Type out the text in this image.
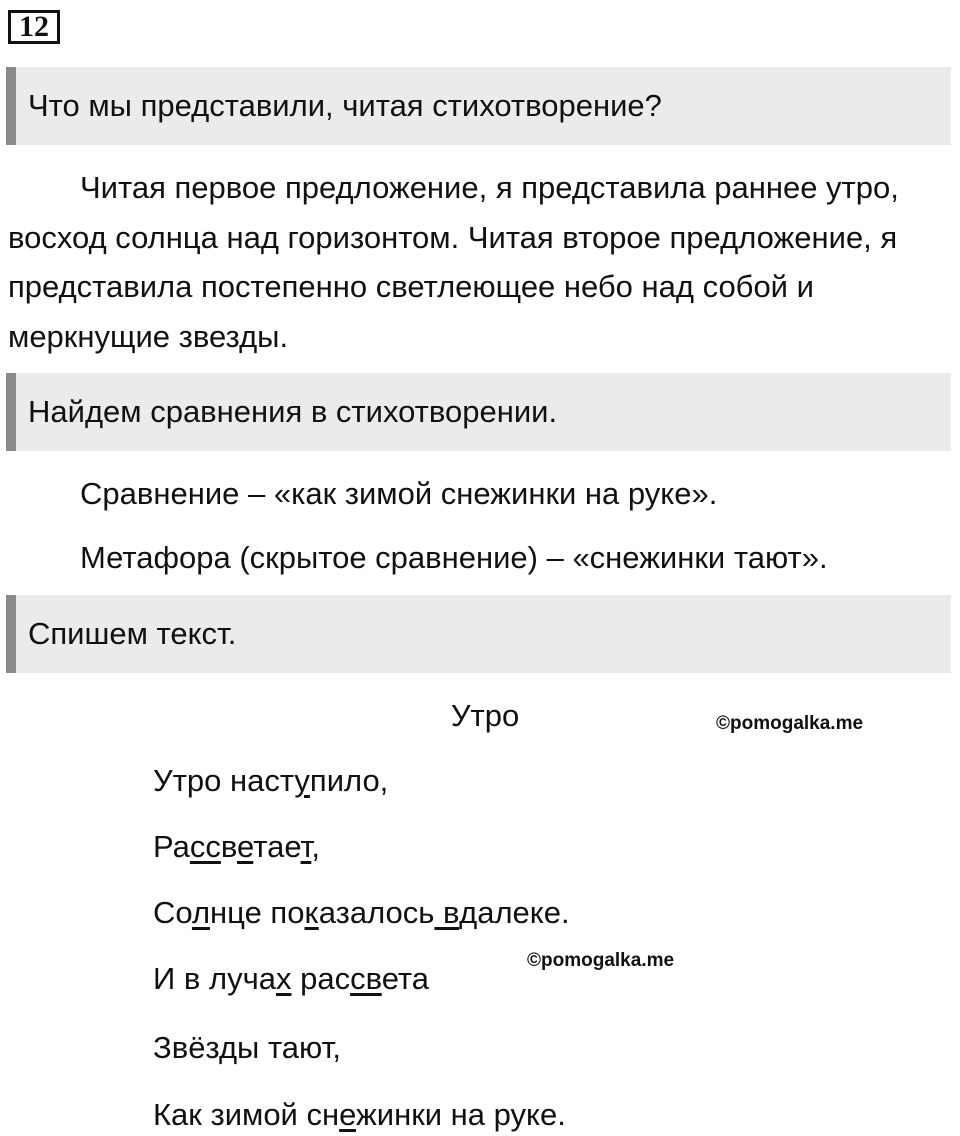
12
Что мы представили, читая стихотворение?

Читая первое предложение, я представила раннее утро, восход солнца над горизонтом. Читая второе предложение, я представила постепенно светлеющее небо над собой и меркнущие звезды.

Найдем сравнения в стихотворении.
Сравнение – «как зимой снежинки на руке».
Метафора (скрытое сравнение) – «снежинки тают».
Спишем текст.
Утро	©pomogalka.me
©pomogalka.me
Утро наступило,
Рассветает,
Солнце показалось вдалеке.
И в лучах рассвета
Звёзды тают,
Как зимой снежинки на руке.
